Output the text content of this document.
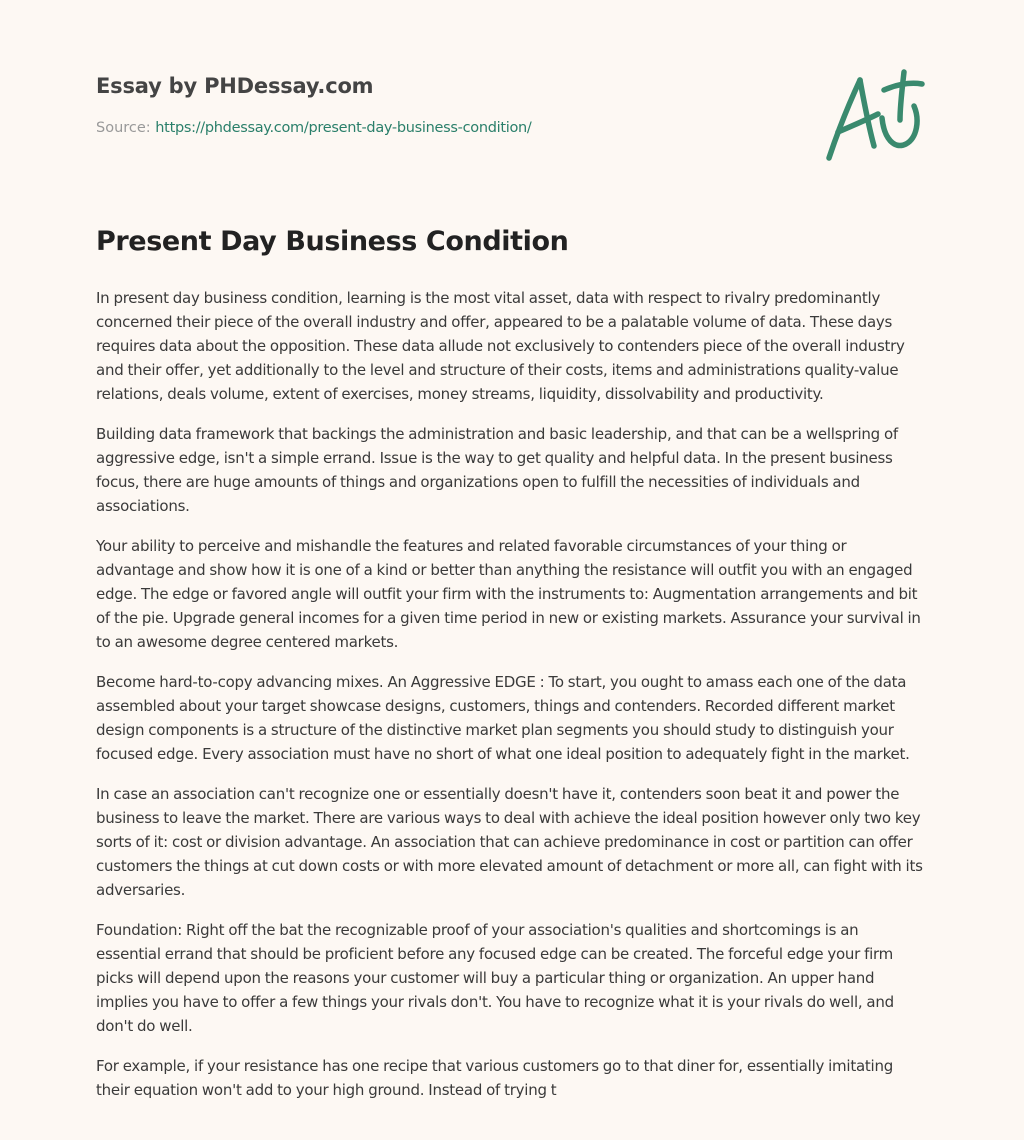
Essay by PHDessay.com
Source: https://phdessay.com/present-day-business-condition/
Present Day Business Condition

In present day business condition, learning is the most vital asset, data with respect to rivalry predominantly concerned their piece of the overall industry and offer, appeared to be a palatable volume of data. These days requires data about the opposition. These data allude not exclusively to contenders piece of the overall industry and their offer, yet additionally to the level and structure of their costs, items and administrations quality-value relations, deals volume, extent of exercises, money streams, liquidity, dissolvability and productivity.

Building data framework that backings the administration and basic leadership, and that can be a wellspring of aggressive edge, isn't a simple errand. Issue is the way to get quality and helpful data. In the present business focus, there are huge amounts of things and organizations open to fulfill the necessities of individuals and associations.

Your ability to perceive and mishandle the features and related favorable circumstances of your thing or advantage and show how it is one of a kind or better than anything the resistance will outfit you with an engaged edge. The edge or favored angle will outfit your firm with the instruments to: Augmentation arrangements and bit of the pie. Upgrade general incomes for a given time period in new or existing markets. Assurance your survival in to an awesome degree centered markets.

Become hard-to-copy advancing mixes. An Aggressive EDGE : To start, you ought to amass each one of the data assembled about your target showcase designs, customers, things and contenders. Recorded different market design components is a structure of the distinctive market plan segments you should study to distinguish your focused edge. Every association must have no short of what one ideal position to adequately fight in the market.

In case an association can't recognize one or essentially doesn't have it, contenders soon beat it and power the business to leave the market. There are various ways to deal with achieve the ideal position however only two key sorts of it: cost or division advantage. An association that can achieve predominance in cost or partition can offer customers the things at cut down costs or with more elevated amount of detachment or more all, can fight with its adversaries.

Foundation: Right off the bat the recognizable proof of your association's qualities and shortcomings is an essential errand that should be proficient before any focused edge can be created. The forceful edge your firm picks will depend upon the reasons your customer will buy a particular thing or organization. An upper hand implies you have to offer a few things your rivals don't. You have to recognize what it is your rivals do well, and don't do well.

For example, if your resistance has one recipe that various customers go to that diner for, essentially imitating their equation won't add to your high ground. Instead of trying t
